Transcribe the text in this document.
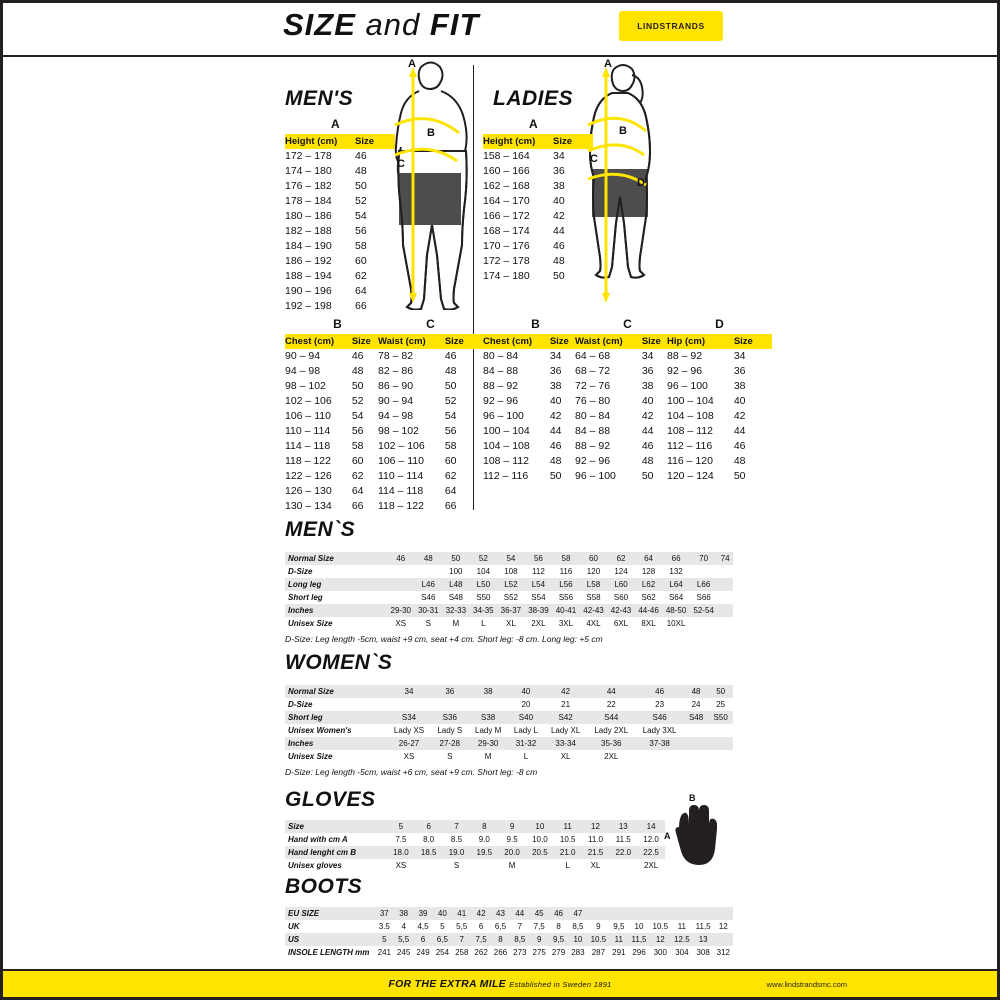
SIZE and FIT	LINDSTRANDS
MEN'S	LADIES
A
B
C
A
B
C
D
A
Height (cm)	Size
172 – 178	46
174 – 180	48
176 – 182	50
178 – 184	52
180 – 186	54
182 – 188	56
184 – 190	58
186 – 192	60
188 – 194	62
190 – 196	64
192 – 198	66
A
Height (cm)	Size
158 – 164	34
160 – 166	36
162 – 168	38
164 – 170	40
166 – 172	42
168 – 174	44
170 – 176	46
172 – 178	48
174 – 180	50
B
Chest (cm)	Size
90 – 94	46
94 – 98	48
98 – 102	50
102 – 106	52
106 – 110	54
110 – 114	56
114 – 118	58
118 – 122	60
122 – 126	62
126 – 130	64
130 – 134	66
C
Waist (cm)	Size
78 – 82	46
82 – 86	48
86 – 90	50
90 – 94	52
94 – 98	54
98 – 102	56
102 – 106	58
106 – 110	60
110 – 114	62
114 – 118	64
118 – 122	66
B
Chest (cm)	Size
80 – 84	34
84 – 88	36
88 – 92	38
92 – 96	40
96 – 100	42
100 – 104	44
104 – 108	46
108 – 112	48
112 – 116	50
C
Waist (cm)	Size
64 – 68	34
68 – 72	36
72 – 76	38
76 – 80	40
80 – 84	42
84 – 88	44
88 – 92	46
92 – 96	48
96 – 100	50
D
Hip (cm)	Size
88 – 92	34
92 – 96	36
96 – 100	38
100 – 104	40
104 – 108	42
108 – 112	44
112 – 116	46
116 – 120	48
120 – 124	50
MEN`S
Normal Size	46	48	50	52	54	56	58	60	62	64	66	70	74
D-Size			100	104	108	112	116	120	124	128	132		
Long leg		L46	L48	L50	L52	L54	L56	L58	L60	L62	L64	L66	
Short leg		S46	S48	S50	S52	S54	S56	S58	S60	S62	S64	S66	
Inches	29-30	30-31	32-33	34-35	36-37	38-39	40-41	42-43	42-43	44-46	48-50	52-54	
Unisex Size	XS	S	M	L	XL	2XL	3XL	4XL	6XL	8XL	10XL		
D-Size: Leg length -5cm, waist +9 cm, seat +4 cm. Short leg: -8 cm. Long leg: +5 cm
WOMEN`S
Normal Size	34	36	38	40	42	44	46	48	50
D-Size				20	21	22	23	24	25
Short leg	S34	S36	S38	S40	S42	S44	S46	S48	S50
Unisex Women's	Lady XS	Lady S	Lady M	Lady L	Lady XL	Lady 2XL	Lady 3XL		
Inches	26-27	27-28	29-30	31-32	33-34	35-36	37-38		
Unisex Size	XS	S	M	L	XL	2XL			
D-Size: Leg length -5cm, waist +6 cm, seat +9 cm. Short leg: -8 cm
GLOVES
Size	5	6	7	8	9	10	11	12	13	14
Hand with cm A	7.5	8.0	8.5	9.0	9.5	10.0	10.5	11.0	11.5	12.0
Hand lenght cm B	18.0	18.5	19.0	19.5	20.0	20.5	21.0	21.5	22.0	22.5
Unisex gloves	XS		S		M		L	XL		2XL
B
A
BOOTS
EU SIZE	37	38	39	40	41	42	43	44	45	46	47							
UK	3.5	4	4,5	5	5,5	6	6,5	7	7,5	8	8,5	9	9,5	10	10.5	11	11,5	12
US	5	5,5	6	6,5	7	7,5	8	8,5	9	9,5	10	10.5	11	11,5	12	12.5	13	
INSOLE LENGTH mm	241	245	249	254	258	262	266	273	275	279	283	287	291	296	300	304	308	312
FOR THE EXTRA MILE Established in Sweden 1891	www.lindstrandsmc.com
